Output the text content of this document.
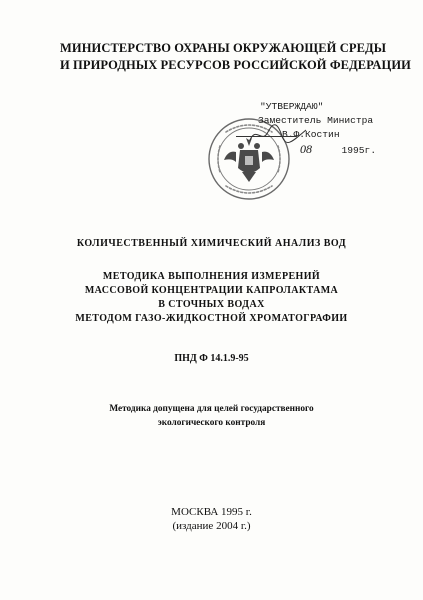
МИНИСТЕРСТВО ОХРАНЫ ОКРУЖАЮЩЕЙ СРЕДЫ
И ПРИРОДНЫХ РЕСУРСОВ РОССИЙСКОЙ ФЕДЕРАЦИИ
"УТВЕРЖДАЮ"
Заместитель Министра
В.Ф.Костин
08	1995г.
КОЛИЧЕСТВЕННЫЙ ХИМИЧЕСКИЙ АНАЛИЗ ВОД
МЕТОДИКА ВЫПОЛНЕНИЯ ИЗМЕРЕНИЙ
МАССОВОЙ КОНЦЕНТРАЦИИ КАПРОЛАКТАМА
В СТОЧНЫХ ВОДАХ
МЕТОДОМ ГАЗО-ЖИДКОСТНОЙ ХРОМАТОГРАФИИ
ПНД Ф 14.1.9-95
Методика допущена для целей государственного
экологического контроля
МОСКВА 1995 г.
(издание 2004 г.)
